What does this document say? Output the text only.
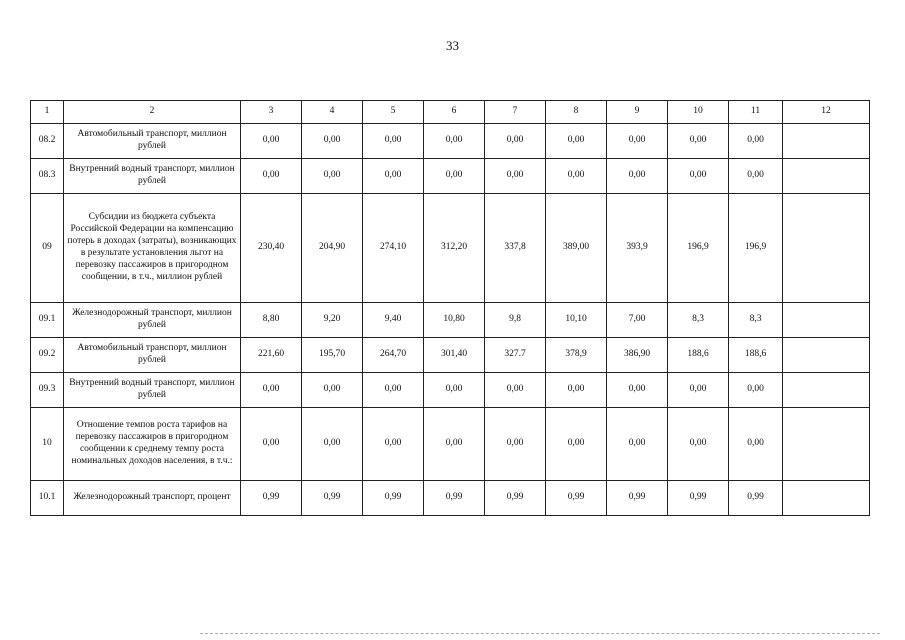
33
1	2	3	4	5	6	7	8	9	10	11	12
08.2	Автомобильный транспорт, миллион рублей	0,00	0,00	0,00	0,00	0,00	0,00	0,00	0,00	0,00	
08.3	Внутренний водный транспорт, миллион рублей	0,00	0,00	0,00	0,00	0,00	0,00	0,00	0,00	0,00	
09	Субсидии из бюджета субъекта Российской Федерации на компенсацию потерь в доходах (затраты), возникающих в результате установления льгот на перевозку пассажиров в пригородном сообщении, в т.ч., миллион рублей	230,40	204,90	274,10	312,20	337,8	389,00	393,9	196,9	196,9	
09.1	Железнодорожный транспорт, миллион рублей	8,80	9,20	9,40	10,80	9,8	10,10	7,00	8,3	8,3	
09.2	Автомобильный транспорт, миллион рублей	221,60	195,70	264,70	301,40	327.7	378,9	386,90	188,6	188,6	
09.3	Внутренний водный транспорт, миллион рублей	0,00	0,00	0,00	0,00	0,00	0,00	0,00	0,00	0,00	
10	Отношение темпов роста тарифов на перевозку пассажиров в пригородном сообщении к среднему темпу роста номинальных доходов населения, в т.ч.:	0,00	0,00	0,00	0,00	0,00	0,00	0,00	0,00	0,00	
10.1	Железнодорожный транспорт, процент	0,99	0,99	0,99	0,99	0,99	0,99	0,99	0,99	0,99	
